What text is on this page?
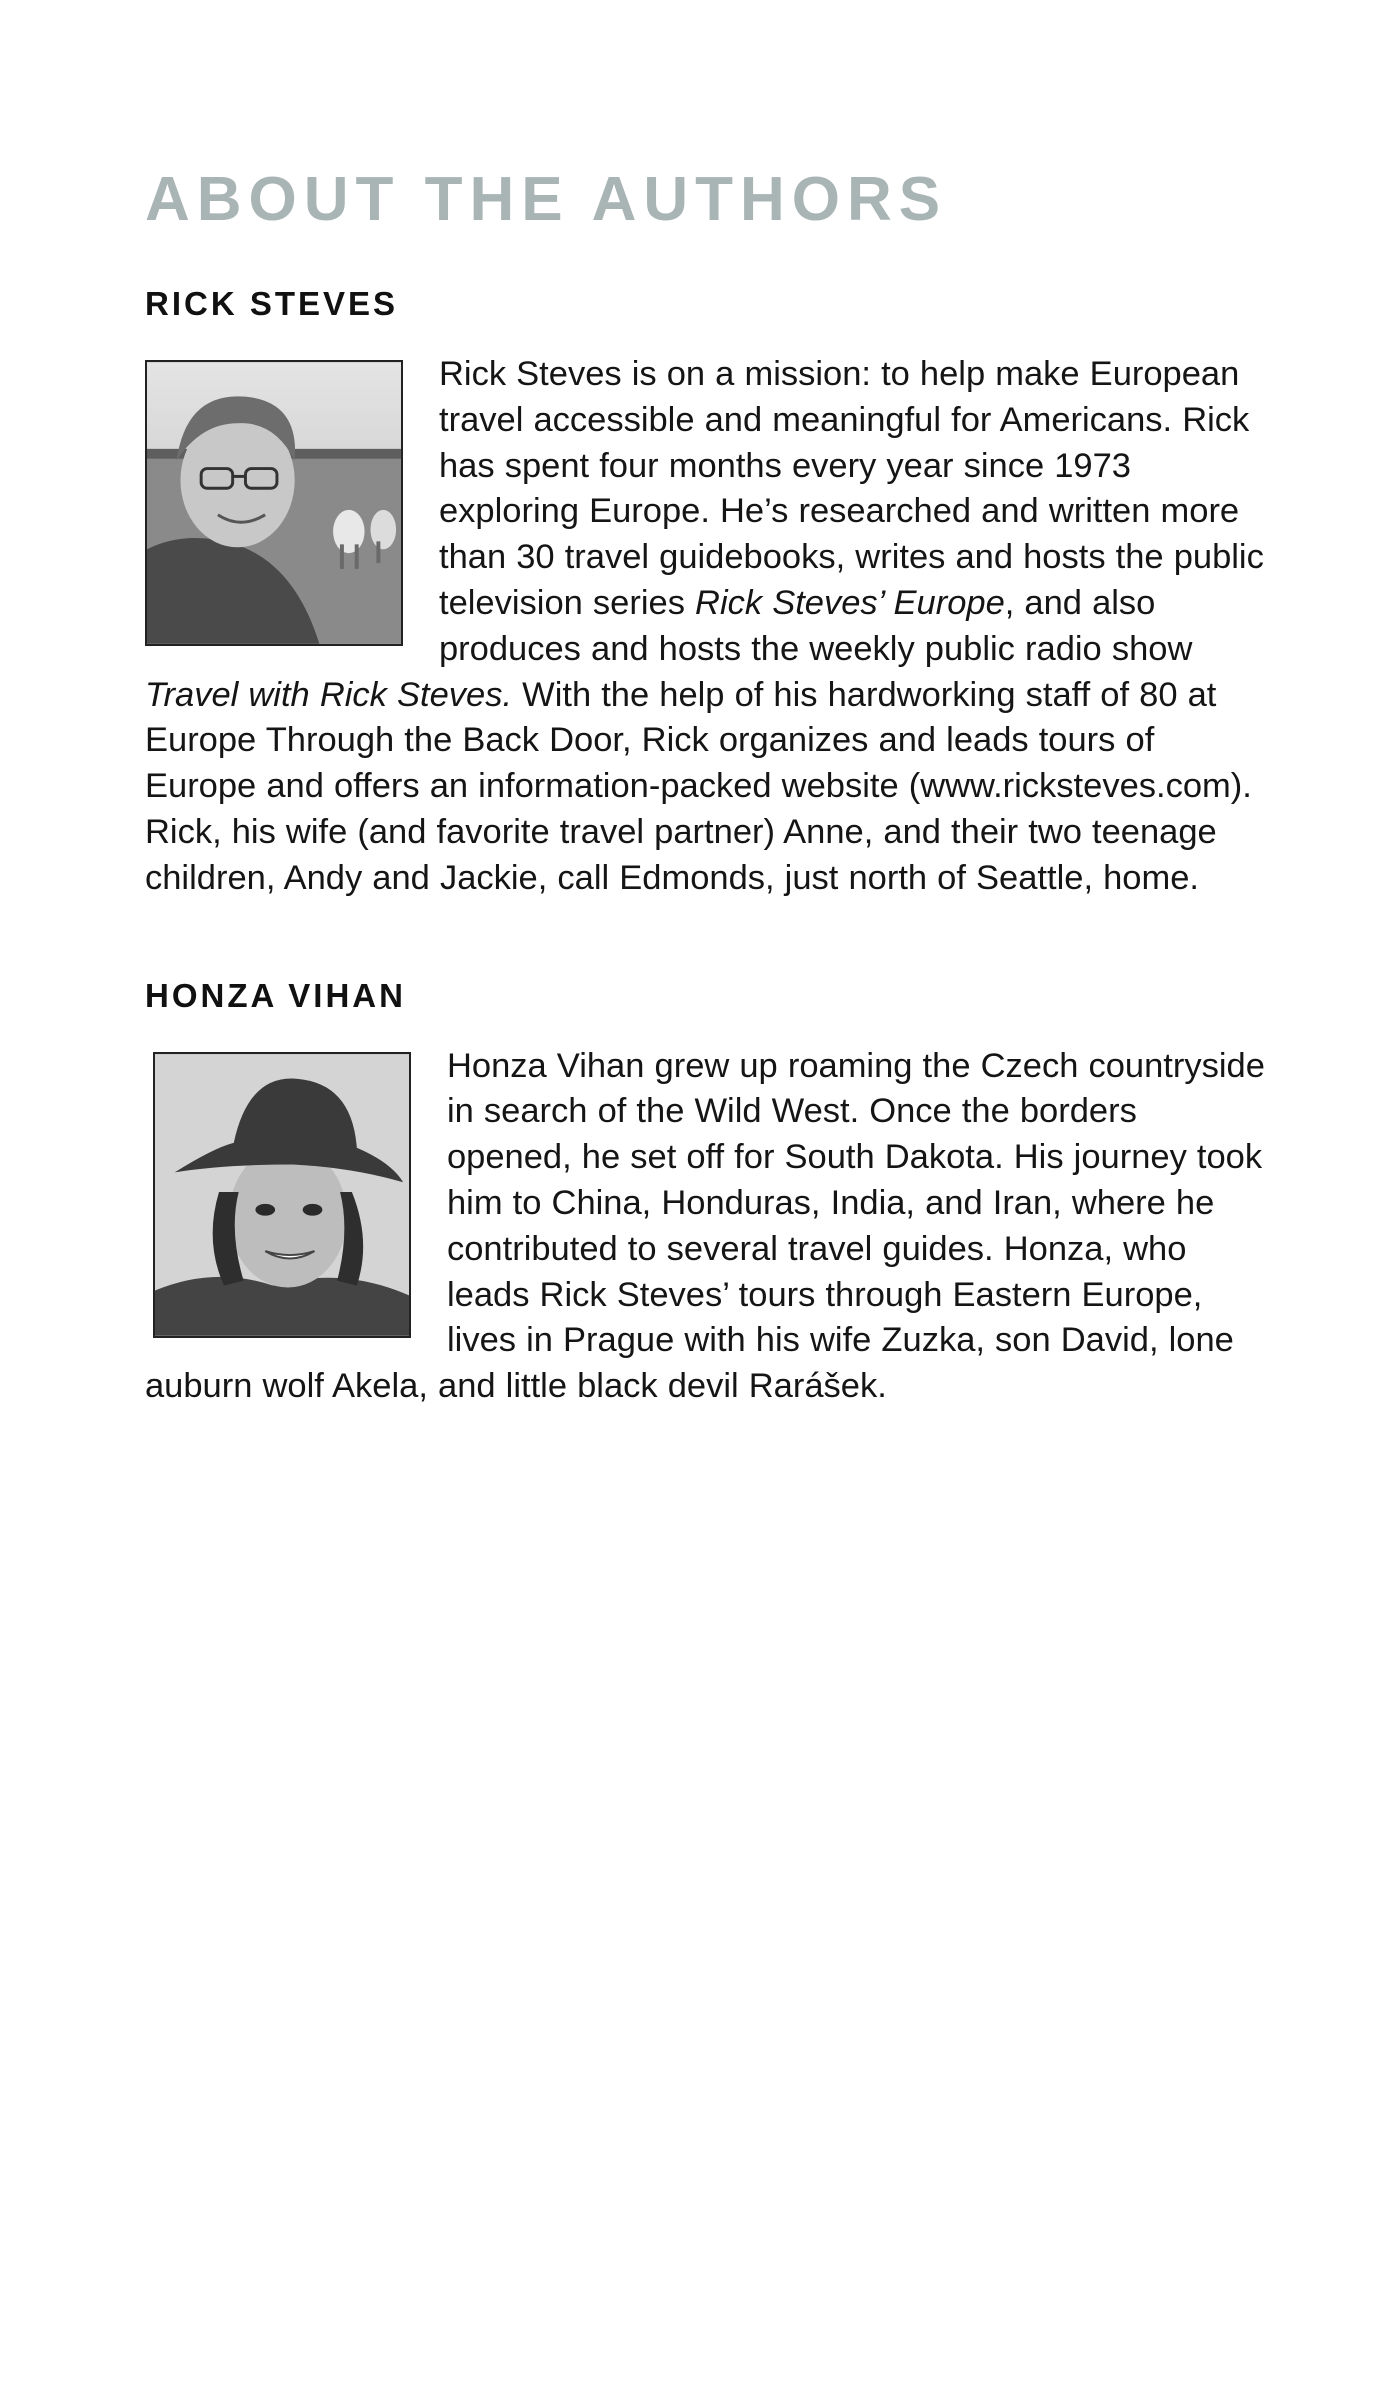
ABOUT THE AUTHORS
RICK STEVES

Rick Steves is on a mission: to help make European travel accessible and meaningful for Americans. Rick has spent four months every year since 1973 exploring Europe. He’s researched and written more than 30 travel guidebooks, writes and hosts the public television series Rick Steves’ Europe, and also produces and hosts the weekly public radio show Travel with Rick Steves. With the help of his hardworking staff of 80 at Europe Through the Back Door, Rick organizes and leads tours of Europe and offers an information-packed website (www.ricksteves.com). Rick, his wife (and favorite travel partner) Anne, and their two teenage children, Andy and Jackie, call Edmonds, just north of Seattle, home.

HONZA VIHAN

Honza Vihan grew up roaming the Czech countryside in search of the Wild West. Once the borders opened, he set off for South Dakota. His journey took him to China, Honduras, India, and Iran, where he contributed to several travel guides. Honza, who leads Rick Steves’ tours through Eastern Europe, lives in Prague with his wife Zuzka, son David, lone auburn wolf Akela, and little black devil Rarášek.
